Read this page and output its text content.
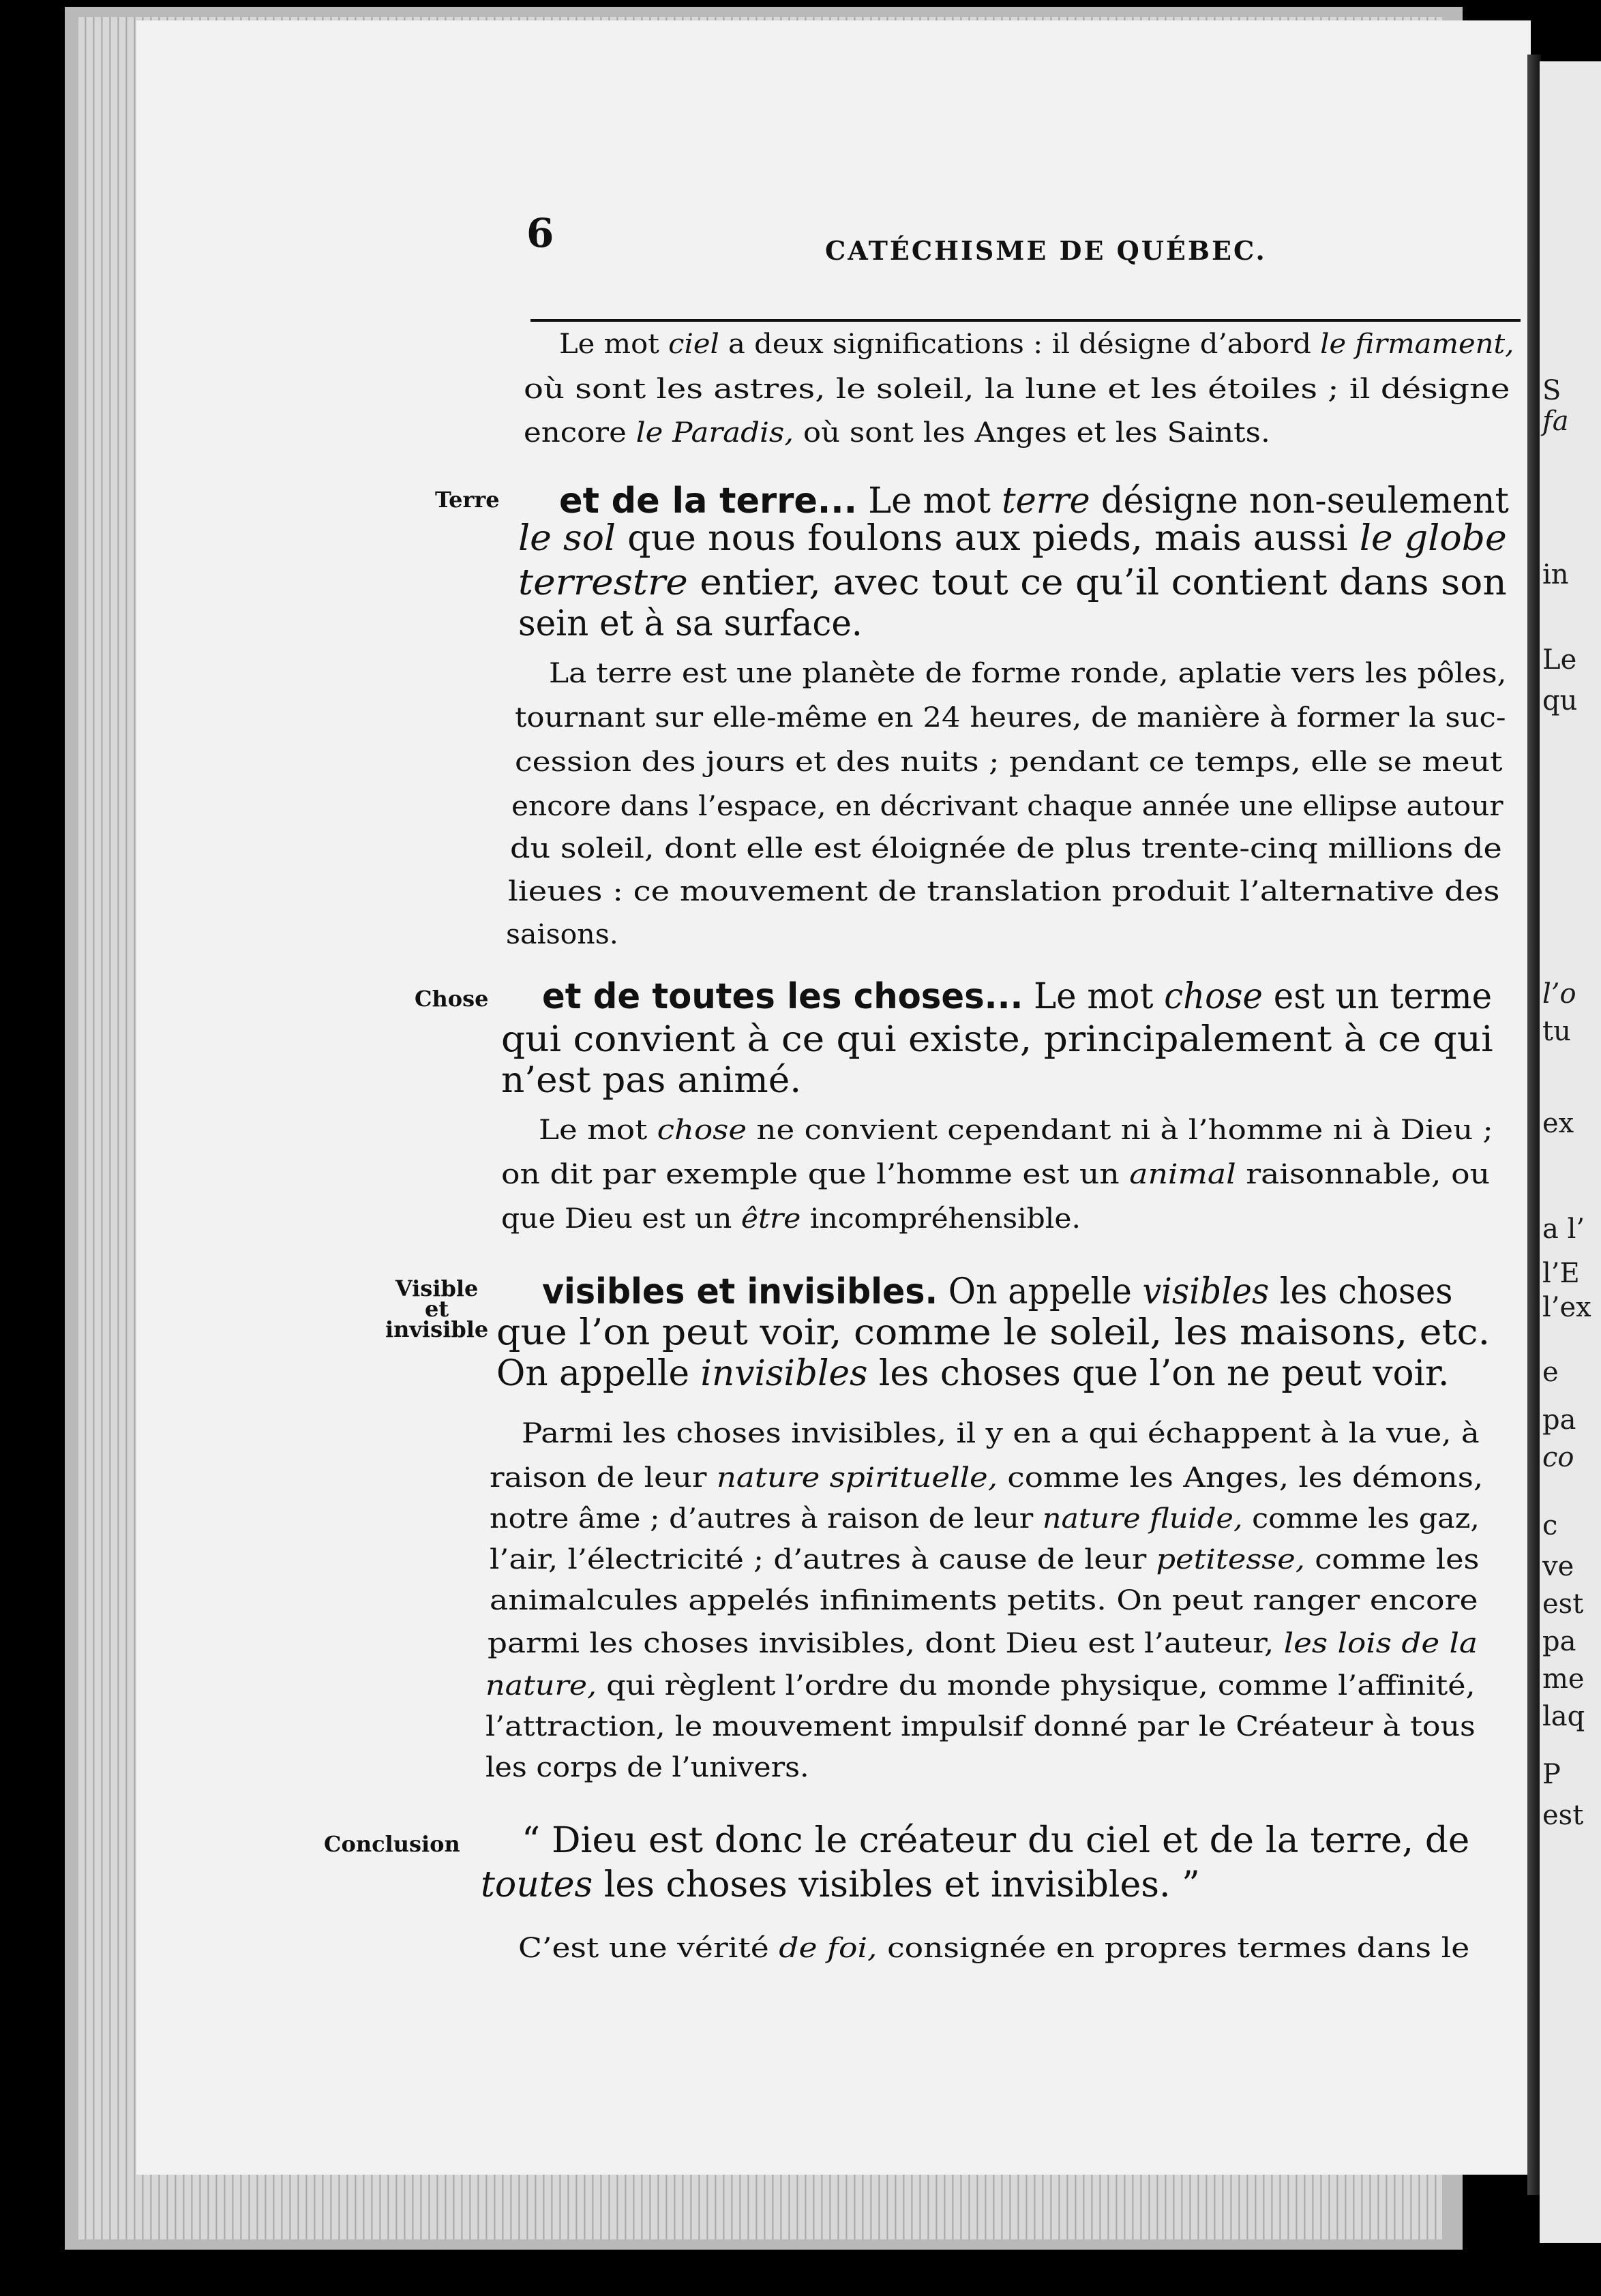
S
fa
in
Le
qu
l’o
tu
ex
a l’
l’E
l’ex
e
pa
co
c
ve
est
pa
me
laq
P
est
6	CATÉCHISME DE QUÉBEC.
Le mot ciel a deux significations : il désigne d’abord le firmament,
où sont les astres, le soleil, la lune et les étoiles ; il désigne
encore le Paradis, où sont les Anges et les Saints.
Terre et de la terre... Le mot terre désigne non-seulement
le sol que nous foulons aux pieds, mais aussi le globe
terrestre entier, avec tout ce qu’il contient dans son
sein et à sa surface.
La terre est une planète de forme ronde, aplatie vers les pôles,
tournant sur elle-même en 24 heures, de manière à former la suc-
cession des jours et des nuits ; pendant ce temps, elle se meut
encore dans l’espace, en décrivant chaque année une ellipse autour
du soleil, dont elle est éloignée de plus trente-cinq millions de
lieues : ce mouvement de translation produit l’alternative des
saisons.
Chose et de toutes les choses... Le mot chose est un terme
qui convient à ce qui existe, principalement à ce qui
n’est pas animé.
Le mot chose ne convient cependant ni à l’homme ni à Dieu ;
on dit par exemple que l’homme est un animal raisonnable, ou
que Dieu est un être incompréhensible.
Visible
et
invisible
visibles et invisibles. On appelle visibles les choses
que l’on peut voir, comme le soleil, les maisons, etc.
On appelle invisibles les choses que l’on ne peut voir.
Parmi les choses invisibles, il y en a qui échappent à la vue, à
raison de leur nature spirituelle, comme les Anges, les démons,
notre âme ; d’autres à raison de leur nature fluide, comme les gaz,
l’air, l’électricité ; d’autres à cause de leur petitesse, comme les
animalcules appelés infiniments petits. On peut ranger encore
parmi les choses invisibles, dont Dieu est l’auteur, les lois de la
nature, qui règlent l’ordre du monde physique, comme l’affinité,
l’attraction, le mouvement impulsif donné par le Créateur à tous
les corps de l’univers.
Conclusion “ Dieu est donc le créateur du ciel et de la terre, de
toutes les choses visibles et invisibles. ”
C’est une vérité de foi, consignée en propres termes dans le
